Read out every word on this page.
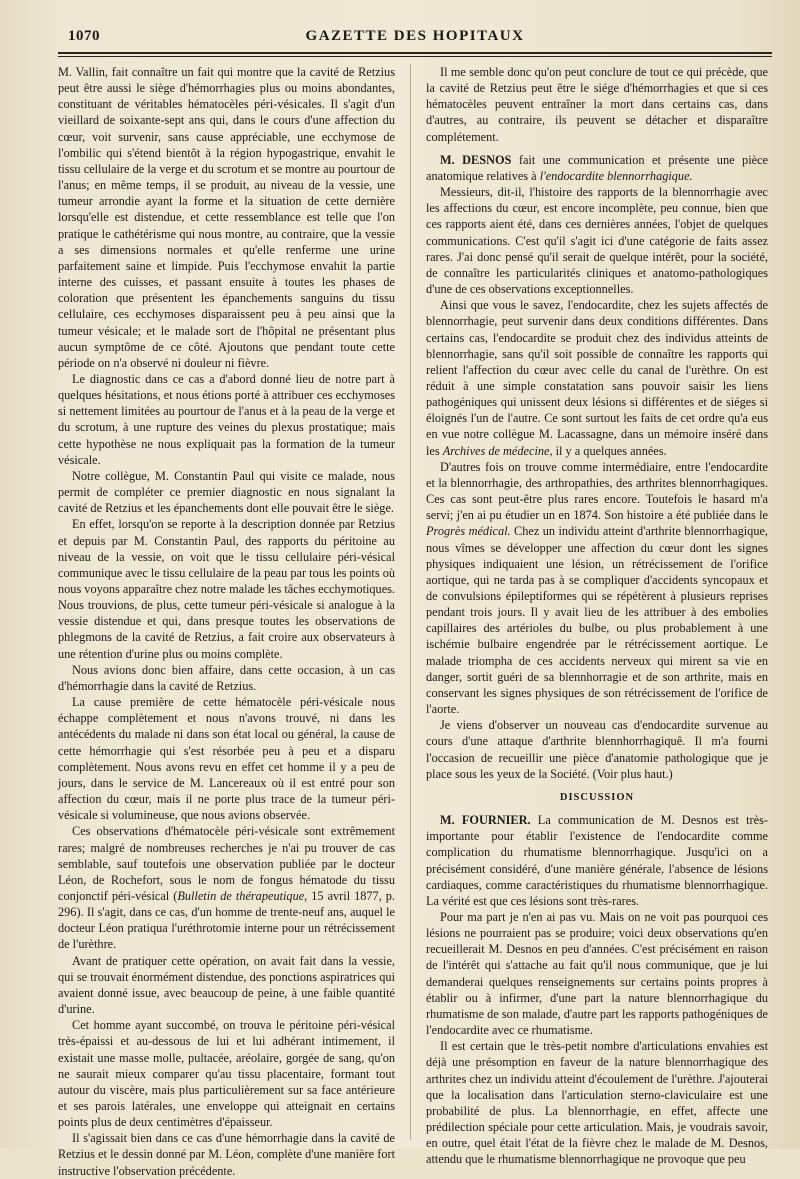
1070	GAZETTE DES HOPITAUX

M. Vallin, fait connaître un fait qui montre que la cavité de Retzius peut être aussi le siège d'hémorrhagies plus ou moins abondantes, constituant de véritables hématocèles péri-vésicales. Il s'agit d'un vieillard de soixante-sept ans qui, dans le cours d'une affection du cœur, voit survenir, sans cause appréciable, une ecchymose de l'ombilic qui s'étend bientôt à la région hypogastrique, envahit le tissu cellulaire de la verge et du scrotum et se montre au pourtour de l'anus; en même temps, il se produit, au niveau de la vessie, une tumeur arrondie ayant la forme et la situation de cette dernière lorsqu'elle est distendue, et cette ressemblance est telle que l'on pratique le cathétérisme qui nous montre, au contraire, que la vessie a ses dimensions normales et qu'elle renferme une urine parfaitement saine et limpide. Puis l'ecchymose envahit la partie interne des cuisses, et passant ensuite à toutes les phases de coloration que présentent les épanchements sanguins du tissu cellulaire, ces ecchymoses disparaissent peu à peu ainsi que la tumeur vésicale; et le malade sort de l'hôpital ne présentant plus aucun symptôme de ce côté. Ajoutons que pendant toute cette période on n'a observé ni douleur ni fièvre.

Le diagnostic dans ce cas a d'abord donné lieu de notre part à quelques hésitations, et nous étions porté à attribuer ces ecchymoses si nettement limitées au pourtour de l'anus et à la peau de la verge et du scrotum, à une rupture des veines du plexus prostatique; mais cette hypothèse ne nous expliquait pas la formation de la tumeur vésicale.

Notre collègue, M. Constantin Paul qui visite ce malade, nous permit de compléter ce premier diagnostic en nous signalant la cavité de Retzius et les épanchements dont elle pouvait être le siège.

En effet, lorsqu'on se reporte à la description donnée par Retzius et depuis par M. Constantin Paul, des rapports du péritoine au niveau de la vessie, on voit que le tissu cellulaire péri-vésical communique avec le tissu cellulaire de la peau par tous les points où nous voyons apparaître chez notre malade les tâches ecchymotiques. Nous trouvions, de plus, cette tumeur péri-vésicale si analogue à la vessie distendue et qui, dans presque toutes les observations de phlegmons de la cavité de Retzius, a fait croire aux observateurs à une rétention d'urine plus ou moins complète.

Nous avions donc bien affaire, dans cette occasion, à un cas d'hémorrhagie dans la cavité de Retzius.

La cause première de cette hématocèle péri-vésicale nous échappe complètement et nous n'avons trouvé, ni dans les antécédents du malade ni dans son état local ou général, la cause de cette hémorrhagie qui s'est résorbée peu à peu et a disparu complètement. Nous avons revu en effet cet homme il y a peu de jours, dans le service de M. Lancereaux où il est entré pour son affection du cœur, mais il ne porte plus trace de la tumeur péri-vésicale si volumineuse, que nous avions observée.

Ces observations d'hématocèle péri-vésicale sont extrêmement rares; malgré de nombreuses recherches je n'ai pu trouver de cas semblable, sauf toutefois une observation publiée par le docteur Léon, de Rochefort, sous le nom de fongus hématode du tissu conjonctif péri-vésical (Bulletin de thérapeutique, 15 avril 1877, p. 296). Il s'agit, dans ce cas, d'un homme de trente-neuf ans, auquel le docteur Léon pratiqua l'uréthrotomie interne pour un rétrécissement de l'urèthre.

Avant de pratiquer cette opération, on avait fait dans la vessie, qui se trouvait énormément distendue, des ponctions aspiratrices qui avaient donné issue, avec beaucoup de peine, à une faible quantité d'urine.

Cet homme ayant succombé, on trouva le péritoine péri-vésical très-épaissi et au-dessous de lui et lui adhérant intimement, il existait une masse molle, pultacée, aréolaire, gorgée de sang, qu'on ne saurait mieux comparer qu'au tissu placentaire, formant tout autour du viscère, mais plus particulièrement sur sa face antérieure et ses parois latérales, une enveloppe qui atteignait en certains points plus de deux centimètres d'épaisseur.

Il s'agissait bien dans ce cas d'une hémorrhagie dans la cavité de Retzius et le dessin donné par M. Léon, complète d'une manière fort instructive l'observation précédente.

Il me semble donc qu'on peut conclure de tout ce qui précède, que la cavité de Retzius peut être le siége d'hémorrhagies et que si ces hématocèles peuvent entraîner la mort dans certains cas, dans d'autres, au contraire, ils peuvent se détacher et disparaître complétement.

M. DESNOS fait une communication et présente une pièce anatomique relatives à l'endocardite blennorrhagique.

Messieurs, dit-il, l'histoire des rapports de la blennorrhagie avec les affections du cœur, est encore incomplète, peu connue, bien que ces rapports aient été, dans ces dernières années, l'objet de quelques communications. C'est qu'il s'agit ici d'une catégorie de faits assez rares. J'ai donc pensé qu'il serait de quelque intérêt, pour la société, de connaître les particularités cliniques et anatomo-pathologiques d'une de ces observations exceptionnelles.

Ainsi que vous le savez, l'endocardite, chez les sujets affectés de blennorrhagie, peut survenir dans deux conditions différentes. Dans certains cas, l'endocardite se produit chez des individus atteints de blennorrhagie, sans qu'il soit possible de connaître les rapports qui relient l'affection du cœur avec celle du canal de l'urèthre. On est réduit à une simple constatation sans pouvoir saisir les liens pathogéniques qui unissent deux lésions si différentes et de siéges si éloignés l'un de l'autre. Ce sont surtout les faits de cet ordre qu'a eus en vue notre collègue M. Lacassagne, dans un mémoire inséré dans les Archives de médecine, il y a quelques années.

D'autres fois on trouve comme intermédiaire, entre l'endocardite et la blennorrhagie, des arthropathies, des arthrites blennorrhagiques. Ces cas sont peut-être plus rares encore. Toutefois le hasard m'a servi; j'en ai pu étudier un en 1874. Son histoire a été publiée dans le Progrès médical. Chez un individu atteint d'arthrite blennorrhagique, nous vîmes se développer une affection du cœur dont les signes physiques indiquaient une lésion, un rétrécissement de l'orifice aortique, qui ne tarda pas à se compliquer d'accidents syncopaux et de convulsions épileptiformes qui se répétèrent à plusieurs reprises pendant trois jours. Il y avait lieu de les attribuer à des embolies capillaires des artérioles du bulbe, ou plus probablement à une ischémie bulbaire engendrée par le rétrécissement aortique. Le malade triompha de ces accidents nerveux qui mirent sa vie en danger, sortit guéri de sa blennhorragie et de son arthrite, mais en conservant les signes physiques de son rétrécissement de l'orifice de l'aorte.

Je viens d'observer un nouveau cas d'endocardite survenue au cours d'une attaque d'arthrite blennhorrhagiquê. Il m'a fourni l'occasion de recueillir une pièce d'anatomie pathologique que je place sous les yeux de la Société. (Voir plus haut.)

DISCUSSION

M. FOURNIER. La communication de M. Desnos est très-importante pour établir l'existence de l'endocardite comme complication du rhumatisme blennorrhagique. Jusqu'ici on a précisément considéré, d'une manière générale, l'absence de lésions cardiaques, comme caractéristiques du rhumatisme blennorrhagique. La vérité est que ces lésions sont très-rares.

Pour ma part je n'en ai pas vu. Mais on ne voit pas pourquoi ces lésions ne pourraient pas se produire; voici deux observations qu'en recueillerait M. Desnos en peu d'années. C'est précisément en raison de l'intérêt qui s'attache au fait qu'il nous communique, que je lui demanderai quelques renseignements sur certains points propres à établir ou à infirmer, d'une part la nature blennorrhagique du rhumatisme de son malade, d'autre part les rapports pathogéniques de l'endocardite avec ce rhumatisme.

Il est certain que le très-petit nombre d'articulations envahies est déjà une présomption en faveur de la nature blennorrhagique des arthrites chez un individu atteint d'écoulement de l'urèthre. J'ajouterai que la localisation dans l'articulation sterno-claviculaire est une probabilité de plus. La blennorrhagie, en effet, affecte une prédilection spéciale pour cette articulation. Mais, je voudrais savoir, en outre, quel était l'état de la fièvre chez le malade de M. Desnos, attendu que le rhumatisme blennorrhagique ne provoque que peu
